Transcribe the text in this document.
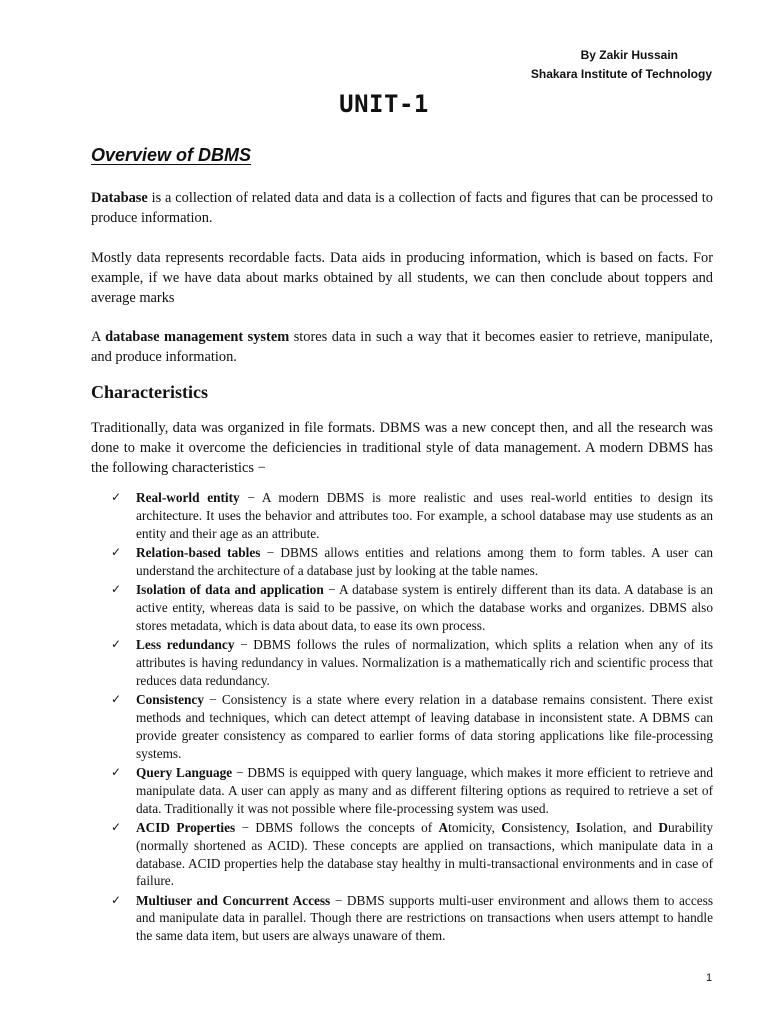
By Zakir Hussain
Shakara Institute of Technology
UNIT-1
Overview of DBMS

Database is a collection of related data and data is a collection of facts and figures that can be processed to produce information.

Mostly data represents recordable facts. Data aids in producing information, which is based on facts. For example, if we have data about marks obtained by all students, we can then conclude about toppers and average marks

A database management system stores data in such a way that it becomes easier to retrieve, manipulate, and produce information.

Characteristics

Traditionally, data was organized in file formats. DBMS was a new concept then, and all the research was done to make it overcome the deficiencies in traditional style of data management. A modern DBMS has the following characteristics −

✓ Real-world entity − A modern DBMS is more realistic and uses real-world entities to design its architecture. It uses the behavior and attributes too. For example, a school database may use students as an entity and their age as an attribute.
✓ Relation-based tables − DBMS allows entities and relations among them to form tables. A user can understand the architecture of a database just by looking at the table names.
✓ Isolation of data and application − A database system is entirely different than its data. A database is an active entity, whereas data is said to be passive, on which the database works and organizes. DBMS also stores metadata, which is data about data, to ease its own process.
✓ Less redundancy − DBMS follows the rules of normalization, which splits a relation when any of its attributes is having redundancy in values. Normalization is a mathematically rich and scientific process that reduces data redundancy.
✓ Consistency − Consistency is a state where every relation in a database remains consistent. There exist methods and techniques, which can detect attempt of leaving database in inconsistent state. A DBMS can provide greater consistency as compared to earlier forms of data storing applications like file-processing systems.
✓ Query Language − DBMS is equipped with query language, which makes it more efficient to retrieve and manipulate data. A user can apply as many and as different filtering options as required to retrieve a set of data. Traditionally it was not possible where file-processing system was used.
✓ ACID Properties − DBMS follows the concepts of Atomicity, Consistency, Isolation, and Durability (normally shortened as ACID). These concepts are applied on transactions, which manipulate data in a database. ACID properties help the database stay healthy in multi-transactional environments and in case of failure.
✓ Multiuser and Concurrent Access − DBMS supports multi-user environment and allows them to access and manipulate data in parallel. Though there are restrictions on transactions when users attempt to handle the same data item, but users are always unaware of them.
1
